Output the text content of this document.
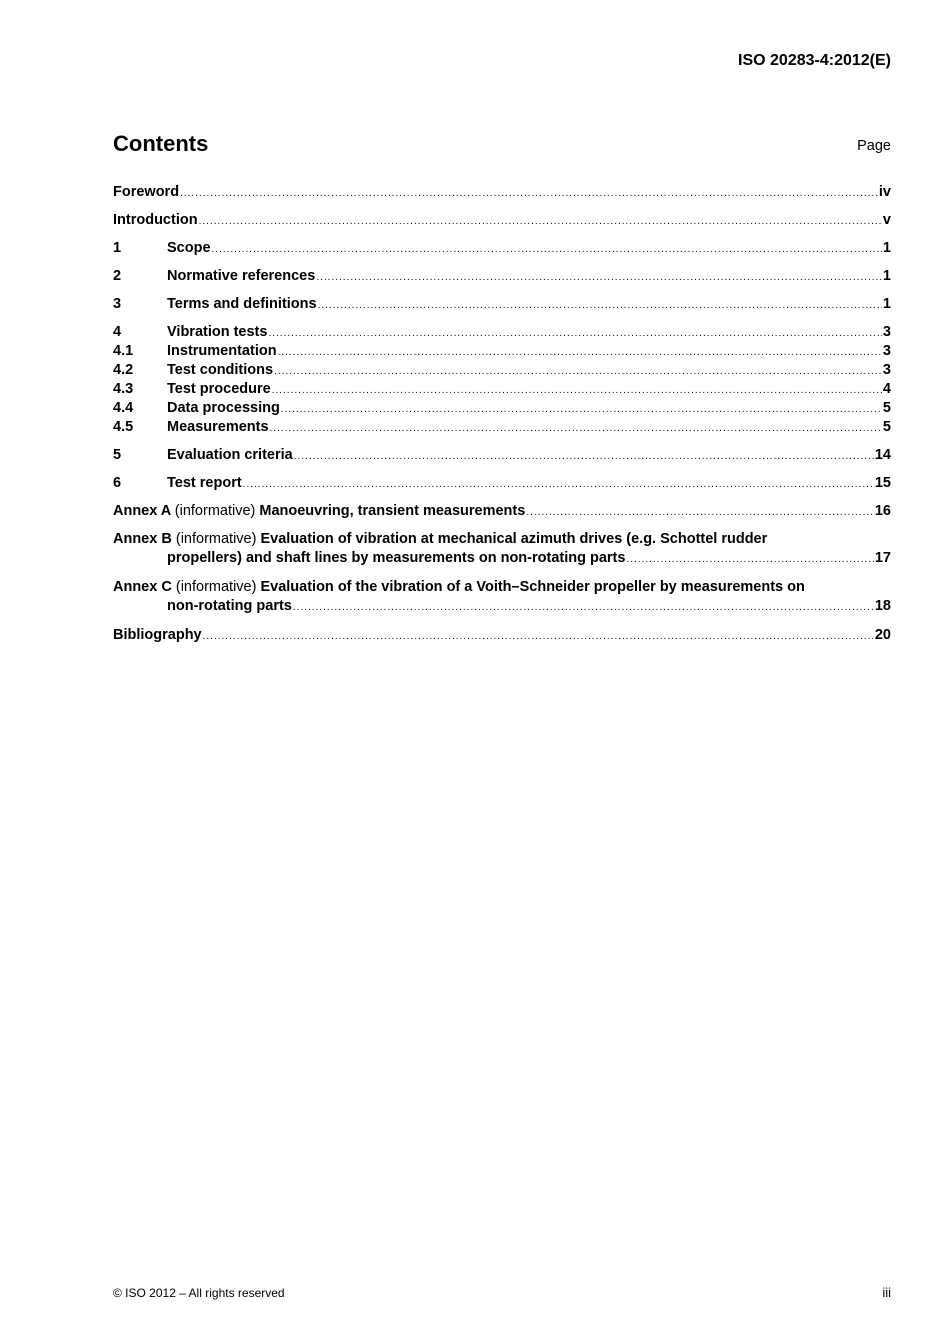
ISO 20283-4:2012(E)
Contents	Page
Foreword .....	iv
Introduction .....	v
1	Scope .....	1
2	Normative references .....	1
3	Terms and definitions .....	1
4	Vibration tests .....	3
4.1	Instrumentation .....	3
4.2	Test conditions .....	3
4.3	Test procedure .....	4
4.4	Data processing .....	5
4.5	Measurements .....	5
5	Evaluation criteria .....	14
6	Test report .....	15
Annex A (informative) Manoeuvring, transient measurements .....	16
Annex B (informative) Evaluation of vibration at mechanical azimuth drives (e.g. Schottel rudder
propellers) and shaft lines by measurements on non-rotating parts .....	17
Annex C (informative) Evaluation of the vibration of a Voith–Schneider propeller by measurements on
non-rotating parts .....	18
Bibliography .....	20
© ISO 2012 – All rights reserved	iii
